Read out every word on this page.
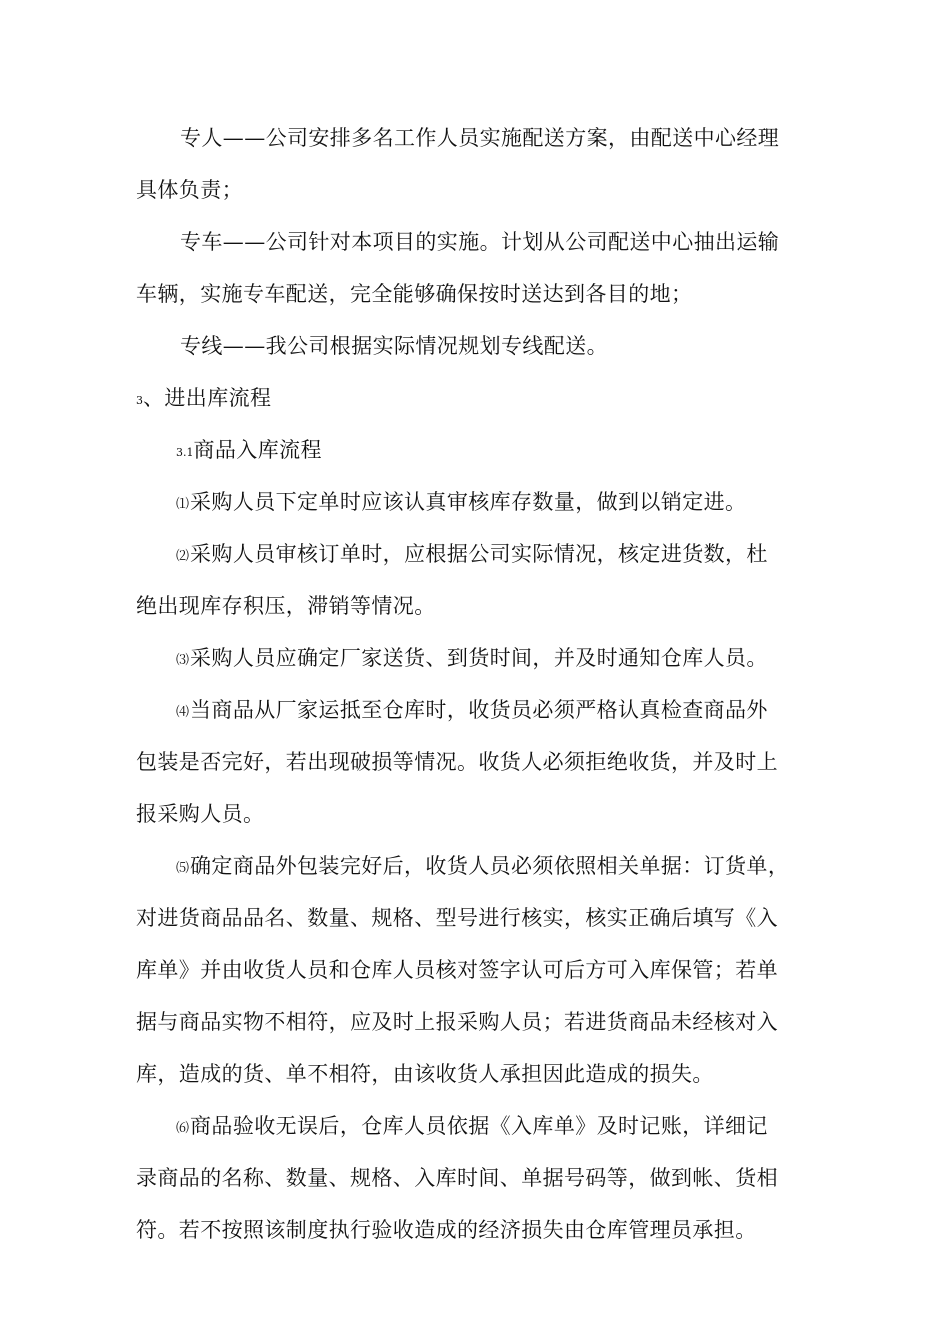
专人——公司安排多名工作人员实施配送方案，由配送中心经理
具体负责；
专车——公司针对本项目的实施。计划从公司配送中心抽出运输
车辆，实施专车配送，完全能够确保按时送达到各目的地；
专线——我公司根据实际情况规划专线配送。
3、进出库流程
3.1商品入库流程
⑴采购人员下定单时应该认真审核库存数量，做到以销定进。
⑵采购人员审核订单时，应根据公司实际情况，核定进货数，杜
绝出现库存积压，滞销等情况。
⑶采购人员应确定厂家送货、到货时间，并及时通知仓库人员。
⑷当商品从厂家运抵至仓库时，收货员必须严格认真检查商品外
包装是否完好，若出现破损等情况。收货人必须拒绝收货，并及时上
报采购人员。
⑸确定商品外包装完好后，收货人员必须依照相关单据：订货单，
对进货商品品名、数量、规格、型号进行核实，核实正确后填写《入
库单》并由收货人员和仓库人员核对签字认可后方可入库保管；若单
据与商品实物不相符，应及时上报采购人员；若进货商品未经核对入
库，造成的货、单不相符，由该收货人承担因此造成的损失。
⑹商品验收无误后，仓库人员依据《入库单》及时记账，详细记
录商品的名称、数量、规格、入库时间、单据号码等，做到帐、货相
符。若不按照该制度执行验收造成的经济损失由仓库管理员承担。
